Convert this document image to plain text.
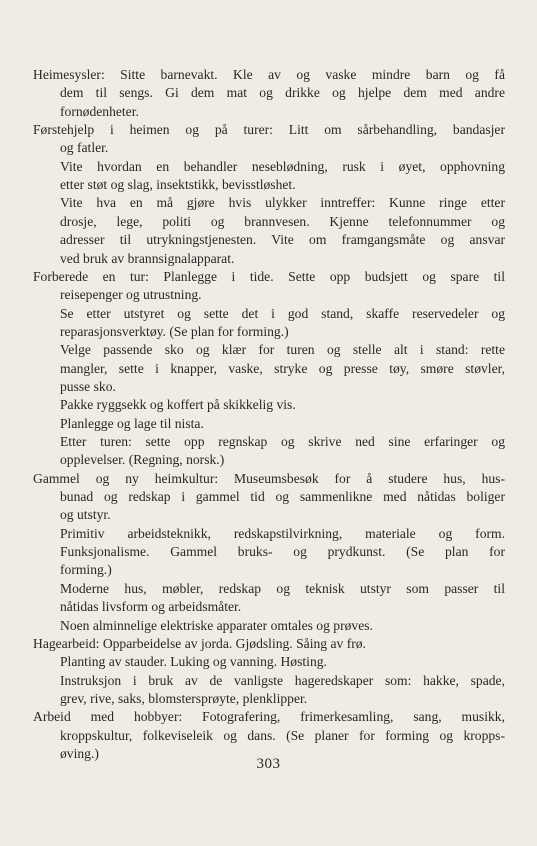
Heimesysler: Sitte barnevakt. Kle av og vaske mindre barn og få
dem til sengs. Gi dem mat og drikke og hjelpe dem med andre
fornødenheter.
Førstehjelp i heimen og på turer: Litt om sårbehandling, bandasjer
og fatler.
Vite hvordan en behandler neseblødning, rusk i øyet, opphovning
etter støt og slag, insektstikk, bevisstløshet.
Vite hva en må gjøre hvis ulykker inntreffer: Kunne ringe etter
drosje, lege, politi og brannvesen. Kjenne telefonnummer og
adresser til utrykningstjenesten. Vite om framgangsmåte og ansvar
ved bruk av brannsignalapparat.
Forberede en tur: Planlegge i tide. Sette opp budsjett og spare til
reisepenger og utrustning.
Se etter utstyret og sette det i god stand, skaffe reservedeler og
reparasjonsverktøy. (Se plan for forming.)
Velge passende sko og klær for turen og stelle alt i stand: rette
mangler, sette i knapper, vaske, stryke og presse tøy, smøre støvler,
pusse sko.
Pakke ryggsekk og koffert på skikkelig vis.
Planlegge og lage til nista.
Etter turen: sette opp regnskap og skrive ned sine erfaringer og
opplevelser. (Regning, norsk.)
Gammel og ny heimkultur: Museumsbesøk for å studere hus, hus-
bunad og redskap i gammel tid og sammenlikne med nåtidas boliger
og utstyr.
Primitiv arbeidsteknikk, redskapstilvirkning, materiale og form.
Funksjonalisme. Gammel bruks- og prydkunst. (Se plan for
forming.)
Moderne hus, møbler, redskap og teknisk utstyr som passer til
nåtidas livsform og arbeidsmåter.
Noen alminnelige elektriske apparater omtales og prøves.
Hagearbeid: Opparbeidelse av jorda. Gjødsling. Såing av frø.
Planting av stauder. Luking og vanning. Høsting.
Instruksjon i bruk av de vanligste hageredskaper som: hakke, spade,
grev, rive, saks, blomstersprøyte, plenklipper.
Arbeid med hobbyer: Fotografering, frimerkesamling, sang, musikk,
kroppskultur, folkeviseleik og dans. (Se planer for forming og kropps-
øving.)
303
